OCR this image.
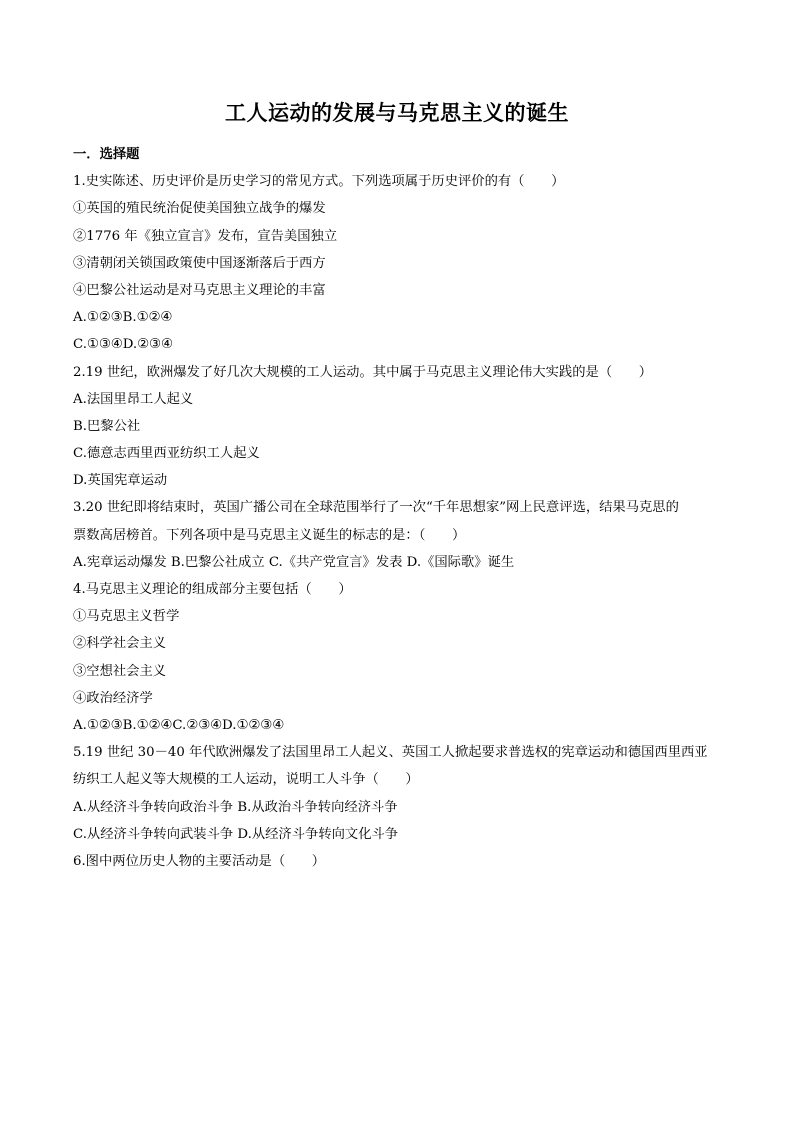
工人运动的发展与马克思主义的诞生
一．选择题
1.史实陈述、历史评价是历史学习的常见方式。下列选项属于历史评价的有（　　）
①英国的殖民统治促使美国独立战争的爆发
②1776 年《独立宣言》发布，宣告美国独立
③清朝闭关锁国政策使中国逐渐落后于西方
④巴黎公社运动是对马克思主义理论的丰富
A.①②③B.①②④
C.①③④D.②③④
2.19 世纪，欧洲爆发了好几次大规模的工人运动。其中属于马克思主义理论伟大实践的是（　　）
A.法国里昂工人起义
B.巴黎公社
C.德意志西里西亚纺织工人起义
D.英国宪章运动
3.20 世纪即将结束时，英国广播公司在全球范围举行了一次“千年思想家”网上民意评选，结果马克思的
票数高居榜首。下列各项中是马克思主义诞生的标志的是：（　　）
A.宪章运动爆发 B.巴黎公社成立 C.《共产党宣言》发表 D.《国际歌》诞生
4.马克思主义理论的组成部分主要包括（　　）
①马克思主义哲学
②科学社会主义
③空想社会主义
④政治经济学
A.①②③B.①②④C.②③④D.①②③④
5.19 世纪 30－40 年代欧洲爆发了法国里昂工人起义、英国工人掀起要求普选权的宪章运动和德国西里西亚
纺织工人起义等大规模的工人运动，说明工人斗争（　　）
A.从经济斗争转向政治斗争 B.从政治斗争转向经济斗争
C.从经济斗争转向武装斗争 D.从经济斗争转向文化斗争
6.图中两位历史人物的主要活动是（　　）
